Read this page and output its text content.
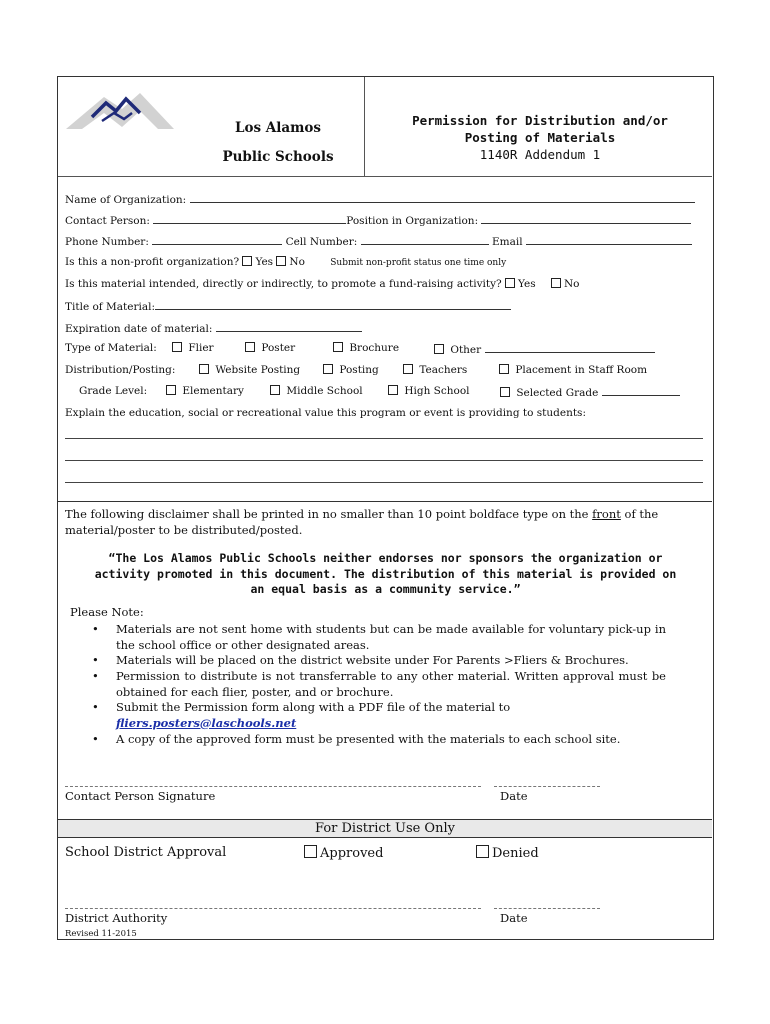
Los Alamos
Public Schools
Permission for Distribution and/or
Posting of Materials
1140R Addendum 1
Name of Organization:
Contact Person:	Position in Organization:
Phone Number:	Cell Number:	Email
Is this a non-profit organization? Yes No	Submit non-profit status one time only
Is this material intended, directly or indirectly, to promote a fund-raising activity? Yes	No
Title of Material:
Expiration date of material:
Type of Material:	Flier	Poster	Brochure	Other
Distribution/Posting:	Website Posting	Posting	Teachers	Placement in Staff Room
Grade Level:	Elementary	Middle School	High School	Selected Grade
Explain the education, social or recreational value this program or event is providing to students:
The following disclaimer shall be printed in no smaller than 10 point boldface type on the front of the
material/poster to be distributed/posted.
“The Los Alamos Public Schools neither endorses nor sponsors the organization or
activity promoted in this document. The distribution of this material is provided on
an equal basis as a community service.”
Please Note:
• Materials are not sent home with students but can be made available for voluntary pick-up in the school office or other designated areas.
• Materials will be placed on the district website under For Parents >Fliers & Brochures.
• Permission to distribute is not transferrable to any other material. Written approval must be obtained for each flier, poster, and or brochure.
• Submit the Permission form along with a PDF file of the material to
fliers.posters@laschools.net
• A copy of the approved form must be presented with the materials to each school site.
Contact Person Signature	Date
For District Use Only
School District Approval	Approved	Denied
District Authority	Date
Revised 11-2015
